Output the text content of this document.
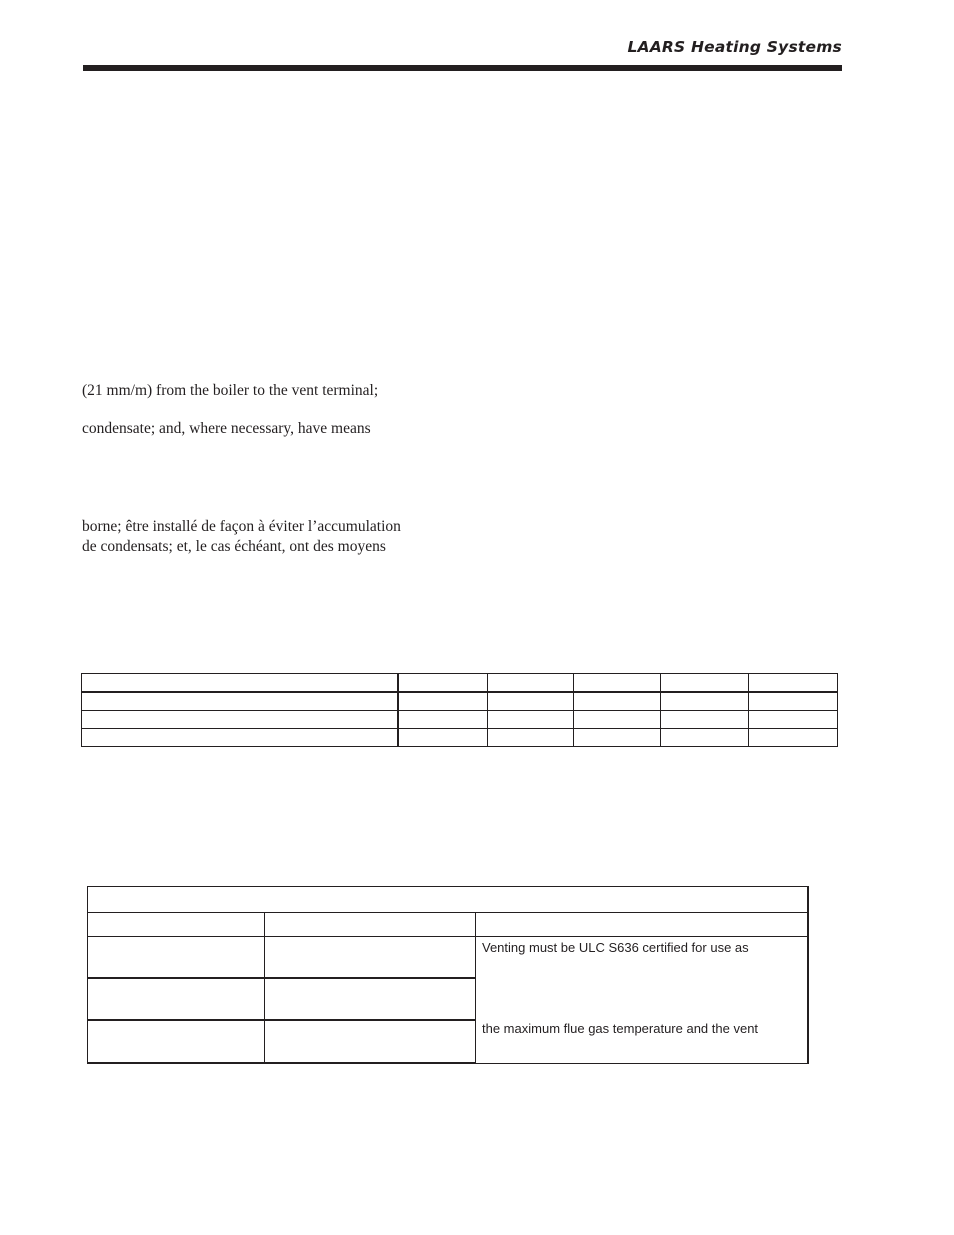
LAARS Heating Systems
(21 mm/m) from the boiler to the vent terminal;
condensate; and, where necessary, have means
borne; être installé de façon à éviter l’accumulation
de condensats; et, le cas échéant, ont des moyens

		Venting must be ULC S636 certified for use as
the maximum flue gas temperature and the vent
